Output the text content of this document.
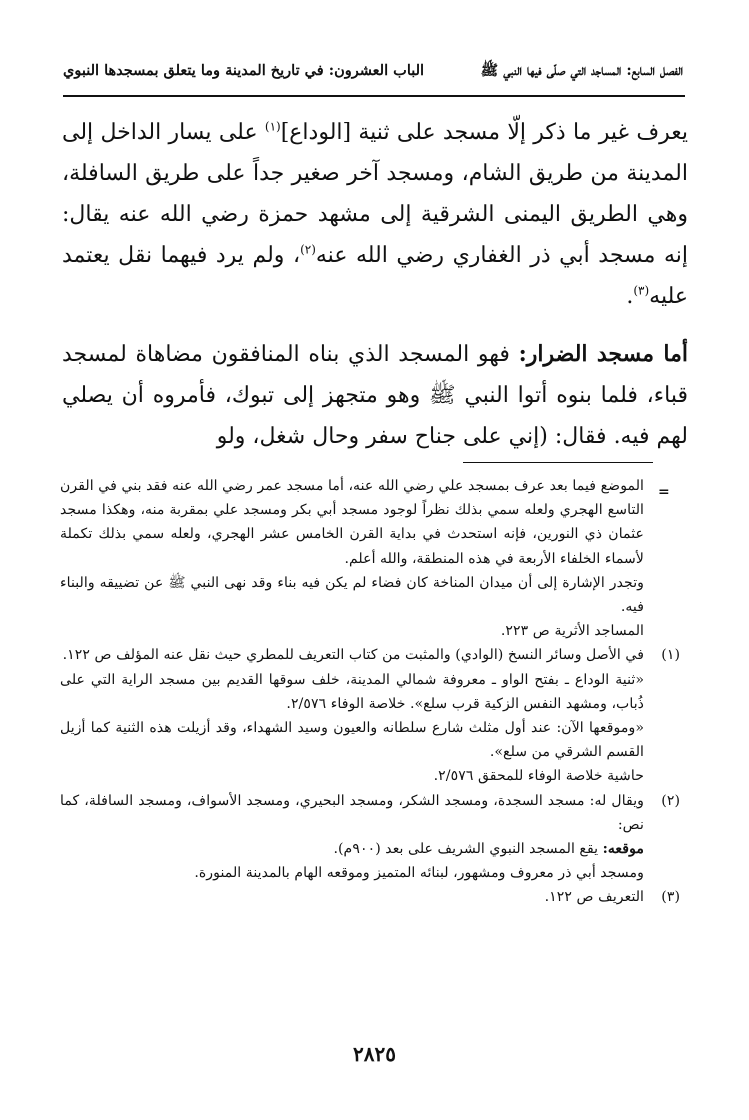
الفصل السابع: المساجد التي صلّى فيها النبي ﷺ
الباب العشرون: في تاريخ المدينة وما يتعلق بمسجدها النبوي

يعرف غير ما ذكر إلّا مسجد على ثنية [الوداع]$^{(١)}$ على يسار الداخل إلى المدينة من طريق الشام، ومسجد آخر صغير جداً على طريق السافلة، وهي الطريق اليمنى الشرقية إلى مشهد حمزة رضي الله عنه يقال: إنه مسجد أبي ذر الغفاري رضي الله عنه$^{(٢)}$، ولم يرد فيهما نقل يعتمد عليه$^{(٣)}$.

أما مسجد الضرار: فهو المسجد الذي بناه المنافقون مضاهاة لمسجد قباء، فلما بنوه أتوا النبي ﷺ وهو متجهز إلى تبوك، فأمروه أن يصلي لهم فيه. فقال: (إني على جناح سفر وحال شغل، ولو

=

الموضع فيما بعد عرف بمسجد علي رضي الله عنه، أما مسجد عمر رضي الله عنه فقد بني في القرن التاسع الهجري ولعله سمي بذلك نظراً لوجود مسجد أبي بكر ومسجد علي بمقربة منه، وهكذا مسجد عثمان ذي النورين، فإنه استحدث في بداية القرن الخامس عشر الهجري، ولعله سمي بذلك تكملة لأسماء الخلفاء الأربعة في هذه المنطقة، والله أعلم.

وتجدر الإشارة إلى أن ميدان المناخة كان فضاء لم يكن فيه بناء وقد نهى النبي ﷺ عن تضييقه والبناء فيه.

المساجد الأثرية ص ٢٢٣.

(١)

في الأصل وسائر النسخ (الوادي) والمثبت من كتاب التعريف للمطري حيث نقل عنه المؤلف ص ١٢٢.

«ثنية الوداع ـ بفتح الواو ـ معروفة شمالي المدينة، خلف سوقها القديم بين مسجد الراية التي على ذُباب، ومشهد النفس الزكية قرب سلع». خلاصة الوفاء ٢/٥٧٦.

«وموقعها الآن: عند أول مثلث شارع سلطانه والعيون وسيد الشهداء، وقد أزيلت هذه الثنية كما أزيل القسم الشرقي من سلع».

حاشية خلاصة الوفاء للمحقق ٢/٥٧٦.

(٢)

ويقال له: مسجد السجدة، ومسجد الشكر، ومسجد البحيري، ومسجد الأسواف، ومسجد السافلة، كما نص:

موقعه: يقع المسجد النبوي الشريف على بعد (٩٠٠م).

ومسجد أبي ذر معروف ومشهور، لبنائه المتميز وموقعه الهام بالمدينة المنورة.

(٣)

التعريف ص ١٢٢.

٢٨٢٥
